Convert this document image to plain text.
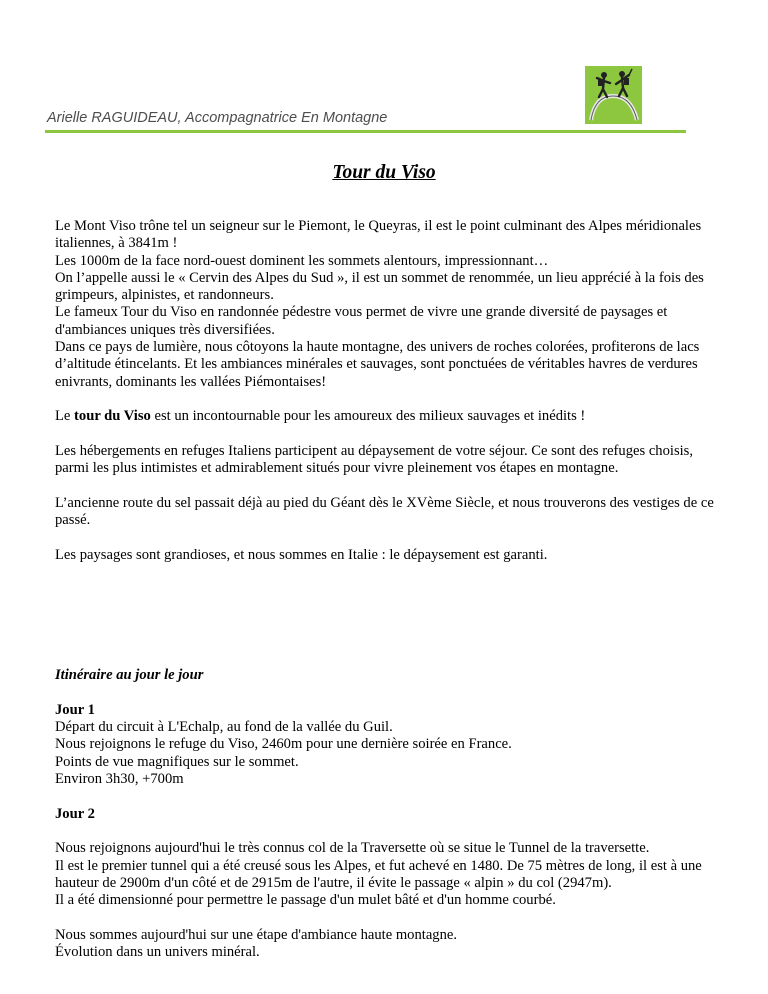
Arielle RAGUIDEAU, Accompagnatrice En Montagne
Tour du Viso

Le Mont Viso trône tel un seigneur sur le Piemont, le Queyras, il est le point culminant des Alpes méridionales italiennes, à 3841m !

Les 1000m de la face nord-ouest dominent les sommets alentours, impressionnant…

On l’appelle aussi le « Cervin des Alpes du Sud », il est un sommet de renommée, un lieu apprécié à la fois des grimpeurs, alpinistes, et randonneurs.

Le fameux Tour du Viso en randonnée pédestre vous permet de vivre une grande diversité de paysages et d'ambiances uniques très diversifiées.

Dans ce pays de lumière, nous côtoyons la haute montagne, des univers de roches colorées, profiterons de lacs d’altitude étincelants. Et les ambiances minérales et sauvages, sont ponctuées de véritables havres de verdures enivrants, dominants les vallées Piémontaises!

Le tour du Viso est un incontournable pour les amoureux des milieux sauvages et inédits !

Les hébergements en refuges Italiens participent au dépaysement de votre séjour. Ce sont des refuges choisis, parmi les plus intimistes et admirablement situés pour vivre pleinement vos étapes en montagne.

L’ancienne route du sel passait déjà au pied du Géant dès le XVème Siècle, et nous trouverons des vestiges de ce passé.

Les paysages sont grandioses, et nous sommes en Italie : le dépaysement est garanti.

Itinéraire au jour le jour

Jour 1

Départ du circuit à L'Echalp, au fond de la vallée du Guil.

Nous rejoignons le refuge du Viso, 2460m pour une dernière soirée en France.

Points de vue magnifiques sur le sommet.

Environ 3h30, +700m

Jour 2

Nous rejoignons aujourd'hui le très connus col de la Traversette où se situe le Tunnel de la traversette.

Il est le premier tunnel qui a été creusé sous les Alpes, et fut achevé en 1480. De 75 mètres de long, il est à une hauteur de 2900m d'un côté et de 2915m de l'autre, il évite le passage « alpin » du col (2947m).

Il a été dimensionné pour permettre le passage d'un mulet bâté et d'un homme courbé.

Nous sommes aujourd'hui sur une étape d'ambiance haute montagne.

Évolution dans un univers minéral.
